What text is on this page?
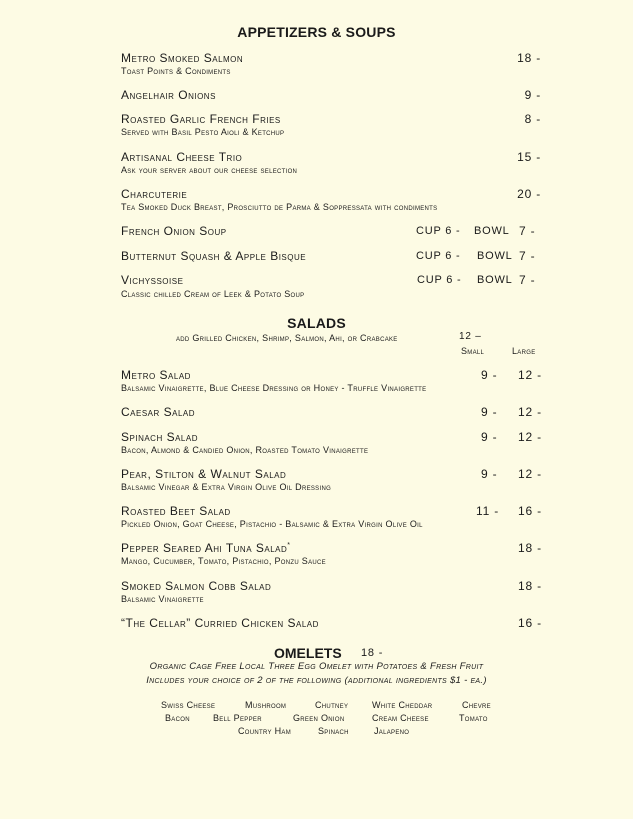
APPETIZERS & SOUPS
Metro Smoked Salmon	18 -
Toast Points & Condiments
Angelhair Onions	9 -
Roasted Garlic French Fries	8 -
Served with Basil Pesto Aioli & Ketchup
Artisanal Cheese Trio	15 -
Ask your server about our cheese selection
Charcuterie	20 -
Tea Smoked Duck Breast, Prosciutto de Parma & Soppressata with condiments
French Onion Soup	CUP 6 - BOWL 7 -
Butternut Squash & Apple Bisque	CUP 6 - BOWL 7 -
Vichyssoise	CUP 6 - BOWL 7 -
Classic chilled Cream of Leek & Potato Soup
SALADS
add Grilled Chicken, Shrimp, Salmon, Ahi, or Crabcake	12 –
Small	Large
Metro Salad	9 - 12 -
Balsamic Vinaigrette, Blue Cheese Dressing or Honey - Truffle Vinaigrette
Caesar Salad	9 - 12 -
Spinach Salad	9 - 12 -
Bacon, Almond & Candied Onion, Roasted Tomato Vinaigrette
Pear, Stilton & Walnut Salad	9 - 12 -
Balsamic Vinegar & Extra Virgin Olive Oil Dressing
Roasted Beet Salad	11 - 16 -
Pickled Onion, Goat Cheese, Pistachio - Balsamic & Extra Virgin Olive Oil
Pepper Seared Ahi Tuna Salad*	18 -
Mango, Cucumber, Tomato, Pistachio, Ponzu Sauce
Smoked Salmon Cobb Salad	18 -
Balsamic Vinaigrette
“The Cellar” Curried Chicken Salad	16 -
OMELETS 18 -
Organic Cage Free Local Three Egg Omelet with Potatoes & Fresh Fruit
Includes your choice of 2 of the following (additional ingredients $1 - ea.)
Swiss Cheese	Mushroom	Chutney	White Cheddar	Chevre
Bacon	Bell Pepper	Green Onion	Cream Cheese	Tomato
Country Ham	Spinach	Jalapeno
